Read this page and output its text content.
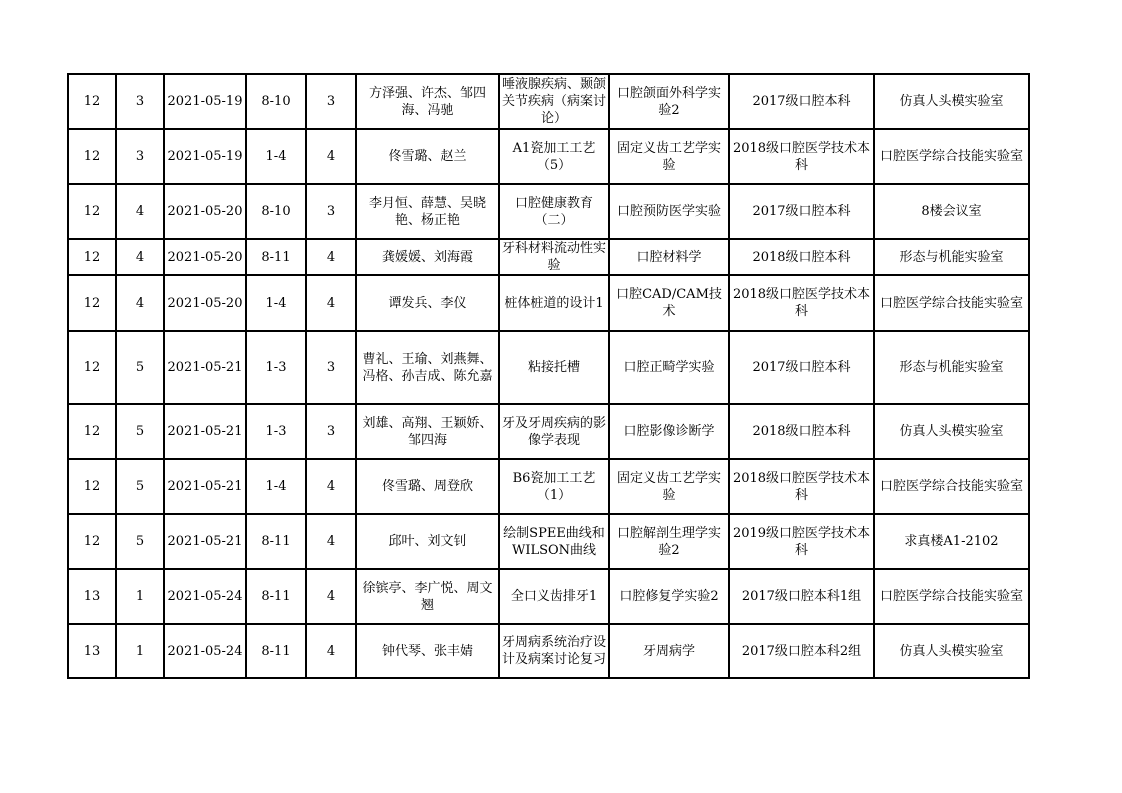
12	3	2021-05-19	8-10	3	方泽强、许杰、邹四海、冯驰	唾液腺疾病、颞颌关节疾病（病案讨论）	口腔颌面外科学实验2	2017级口腔本科	仿真人头模实验室
12	3	2021-05-19	1-4	4	佟雪璐、赵兰	A1瓷加工工艺（5）	固定义齿工艺学实验	2018级口腔医学技术本科	口腔医学综合技能实验室
12	4	2021-05-20	8-10	3	李月恒、薛慧、吴晓艳、杨正艳	口腔健康教育（二）	口腔预防医学实验	2017级口腔本科	8楼会议室
12	4	2021-05-20	8-11	4	龚媛媛、刘海霞	牙科材料流动性实验	口腔材料学	2018级口腔本科	形态与机能实验室
12	4	2021-05-20	1-4	4	谭发兵、李仪	桩体桩道的设计1	口腔CAD/CAM技术	2018级口腔医学技术本科	口腔医学综合技能实验室
12	5	2021-05-21	1-3	3	曹礼、王瑜、刘燕舞、冯格、孙吉成、陈允嘉	粘接托槽	口腔正畸学实验	2017级口腔本科	形态与机能实验室
12	5	2021-05-21	1-3	3	刘雄、高翔、王颖娇、邹四海	牙及牙周疾病的影像学表现	口腔影像诊断学	2018级口腔本科	仿真人头模实验室
12	5	2021-05-21	1-4	4	佟雪璐、周登欣	B6瓷加工工艺（1）	固定义齿工艺学实验	2018级口腔医学技术本科	口腔医学综合技能实验室
12	5	2021-05-21	8-11	4	邱叶、刘文钊	绘制SPEE曲线和WILSON曲线	口腔解剖生理学实验2	2019级口腔医学技术本科	求真楼A1-2102
13	1	2021-05-24	8-11	4	徐镔亭、李广悦、周文翘	全口义齿排牙1	口腔修复学实验2	2017级口腔本科1组	口腔医学综合技能实验室
13	1	2021-05-24	8-11	4	钟代琴、张丰婧	牙周病系统治疗设计及病案讨论复习	牙周病学	2017级口腔本科2组	仿真人头模实验室
